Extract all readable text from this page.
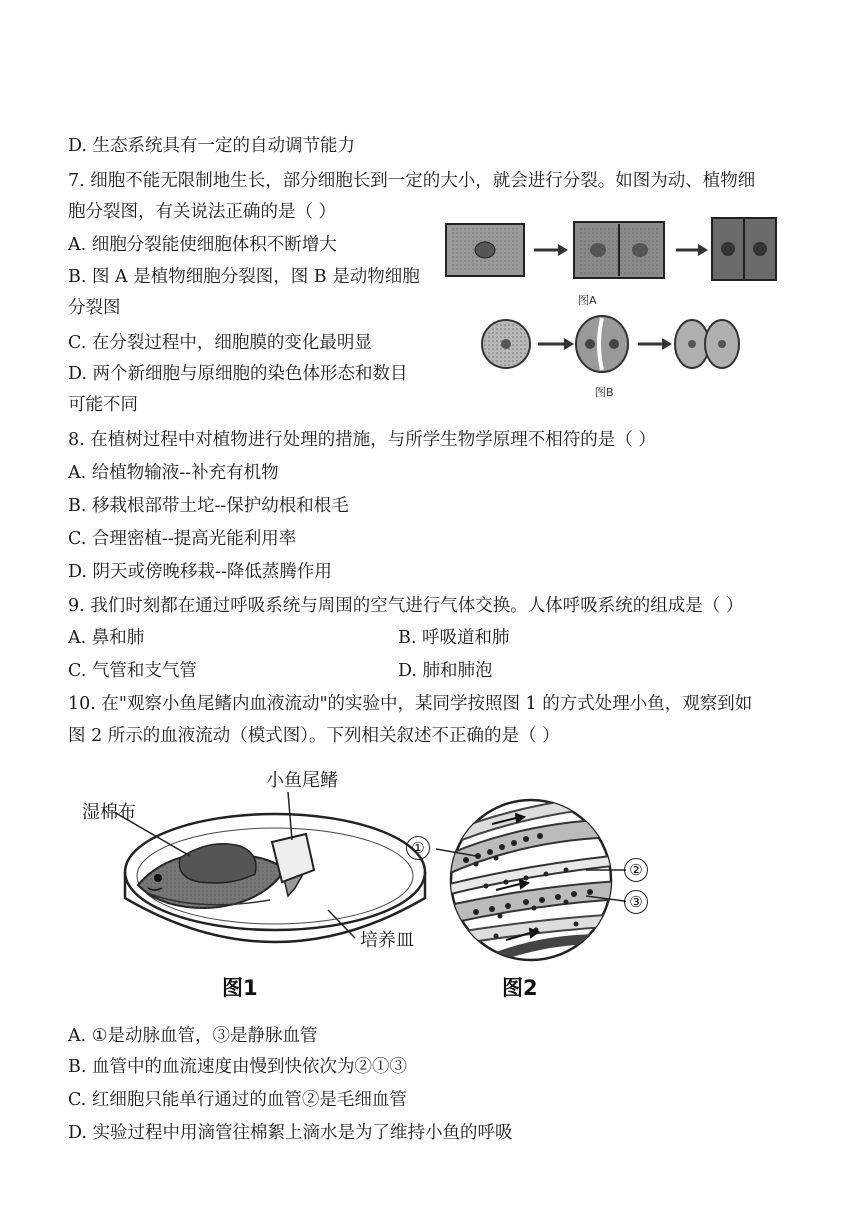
D. 生态系统具有一定的自动调节能力
7. 细胞不能无限制地生长，部分细胞长到一定的大小，就会进行分裂。如图为动、植物细
胞分裂图，有关说法正确的是（ ）
A. 细胞分裂能使细胞体积不断增大
B. 图 A 是植物细胞分裂图，图 B 是动物细胞
分裂图
C. 在分裂过程中，细胞膜的变化最明显
D. 两个新细胞与原细胞的染色体形态和数目
可能不同
图A
图B
8. 在植树过程中对植物进行处理的措施，与所学生物学原理不相符的是（ ）
A. 给植物输液--补充有机物
B. 移栽根部带土坨--保护幼根和根毛
C. 合理密植--提高光能利用率
D. 阴天或傍晚移栽--降低蒸腾作用
9. 我们时刻都在通过呼吸系统与周围的空气进行气体交换。人体呼吸系统的组成是（ ）
A. 鼻和肺	B. 呼吸道和肺
C. 气管和支气管	D. 肺和肺泡
10. 在"观察小鱼尾鳍内血液流动"的实验中，某同学按照图 1 的方式处理小鱼，观察到如
图 2 所示的血液流动（模式图）。下列相关叙述不正确的是（ ）
湿棉布
小鱼尾鳍
培养皿
图1
①
②
③
图2
A. ①是动脉血管，③是静脉血管
B. 血管中的血流速度由慢到快依次为②①③
C. 红细胞只能单行通过的血管②是毛细血管
D. 实验过程中用滴管往棉絮上滴水是为了维持小鱼的呼吸
